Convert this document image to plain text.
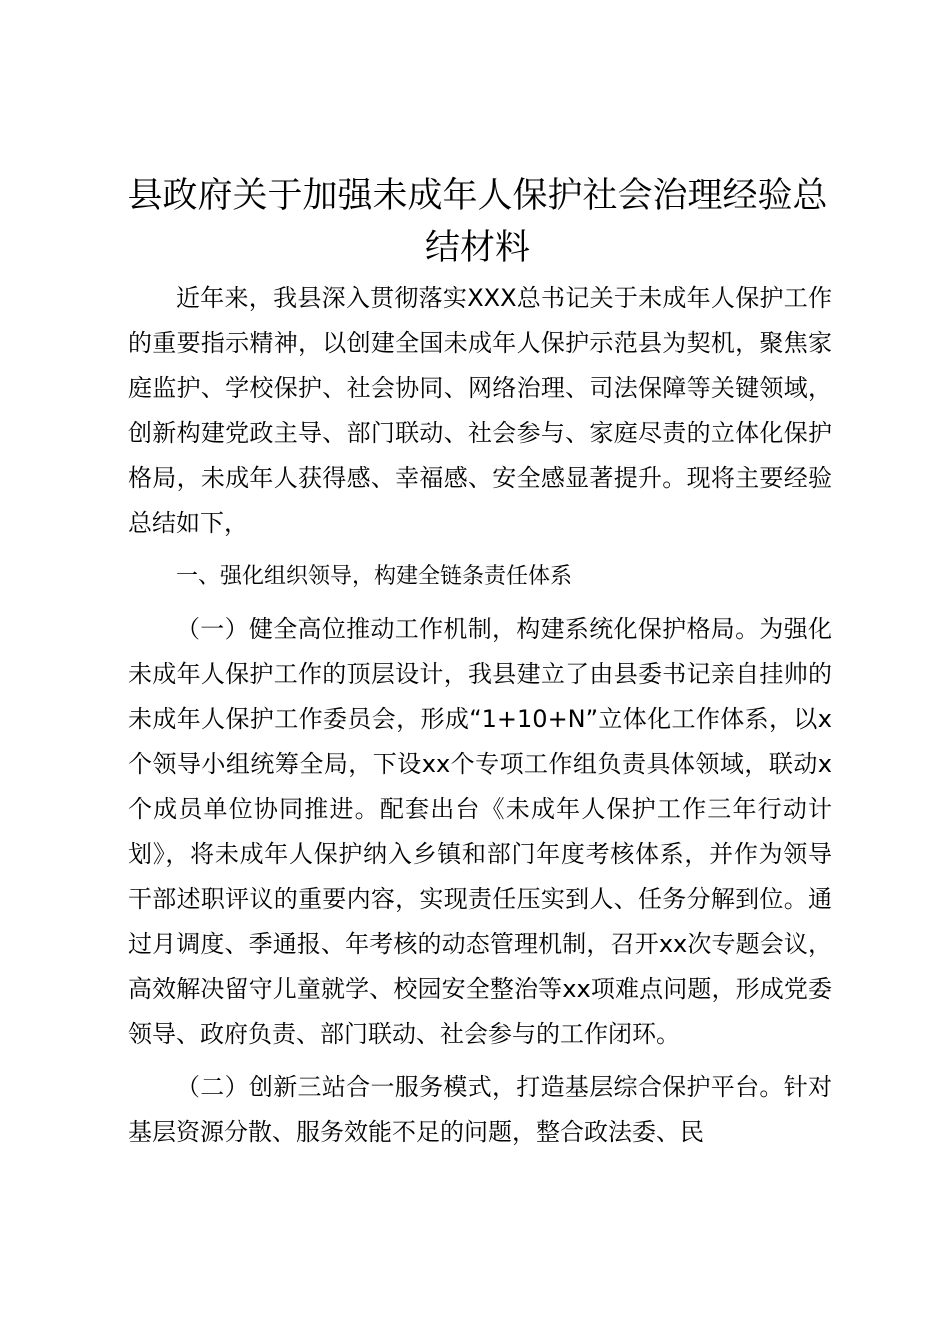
县政府关于加强未成年人保护社会治理经验总结材料

近年来，我县深入贯彻落实XXX总书记关于未成年人保护工作的重要指示精神，以创建全国未成年人保护示范县为契机，聚焦家庭监护、学校保护、社会协同、网络治理、司法保障等关键领域，创新构建党政主导、部门联动、社会参与、家庭尽责的立体化保护格局，未成年人获得感、幸福感、安全感显著提升。现将主要经验总结如下，

一、强化组织领导，构建全链条责任体系

（一）健全高位推动工作机制，构建系统化保护格局。为强化未成年人保护工作的顶层设计，我县建立了由县委书记亲自挂帅的未成年人保护工作委员会，形成“1+10+N”立体化工作体系，以x个领导小组统筹全局，下设xx个专项工作组负责具体领域，联动x个成员单位协同推进。配套出台《未成年人保护工作三年行动计划》，将未成年人保护纳入乡镇和部门年度考核体系，并作为领导干部述职评议的重要内容，实现责任压实到人、任务分解到位。通过月调度、季通报、年考核的动态管理机制，召开xx次专题会议，高效解决留守儿童就学、校园安全整治等xx项难点问题，形成党委领导、政府负责、部门联动、社会参与的工作闭环。

（二）创新三站合一服务模式，打造基层综合保护平台。针对基层资源分散、服务效能不足的问题，整合政法委、民
